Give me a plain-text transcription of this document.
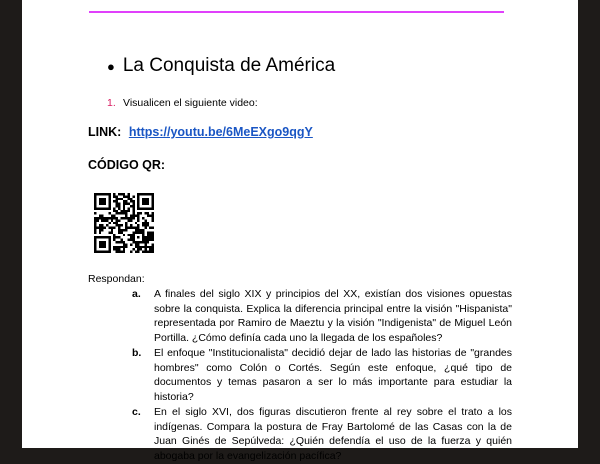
● La Conquista de América
1. Visualicen el siguiente video:
LINK: https://youtu.be/6MeEXgo9qgY
CÓDIGO QR:
Respondan:
a.	A finales del siglo XIX y principios del XX, existían dos visiones opuestas sobre la conquista. Explica la diferencia principal entre la visión "Hispanista" representada por Ramiro de Maeztu y la visión "Indigenista" de Miguel León Portilla. ¿Cómo definía cada uno la llegada de los españoles?
b.	El enfoque "Institucionalista" decidió dejar de lado las historias de "grandes hombres" como Colón o Cortés. Según este enfoque, ¿qué tipo de documentos y temas pasaron a ser lo más importante para estudiar la historia?
c.	En el siglo XVI, dos figuras discutieron frente al rey sobre el trato a los indígenas. Compara la postura de Fray Bartolomé de las Casas con la de Juan Ginés de Sepúlveda: ¿Quién defendía el uso de la fuerza y quién abogaba por la evangelización pacífica?
